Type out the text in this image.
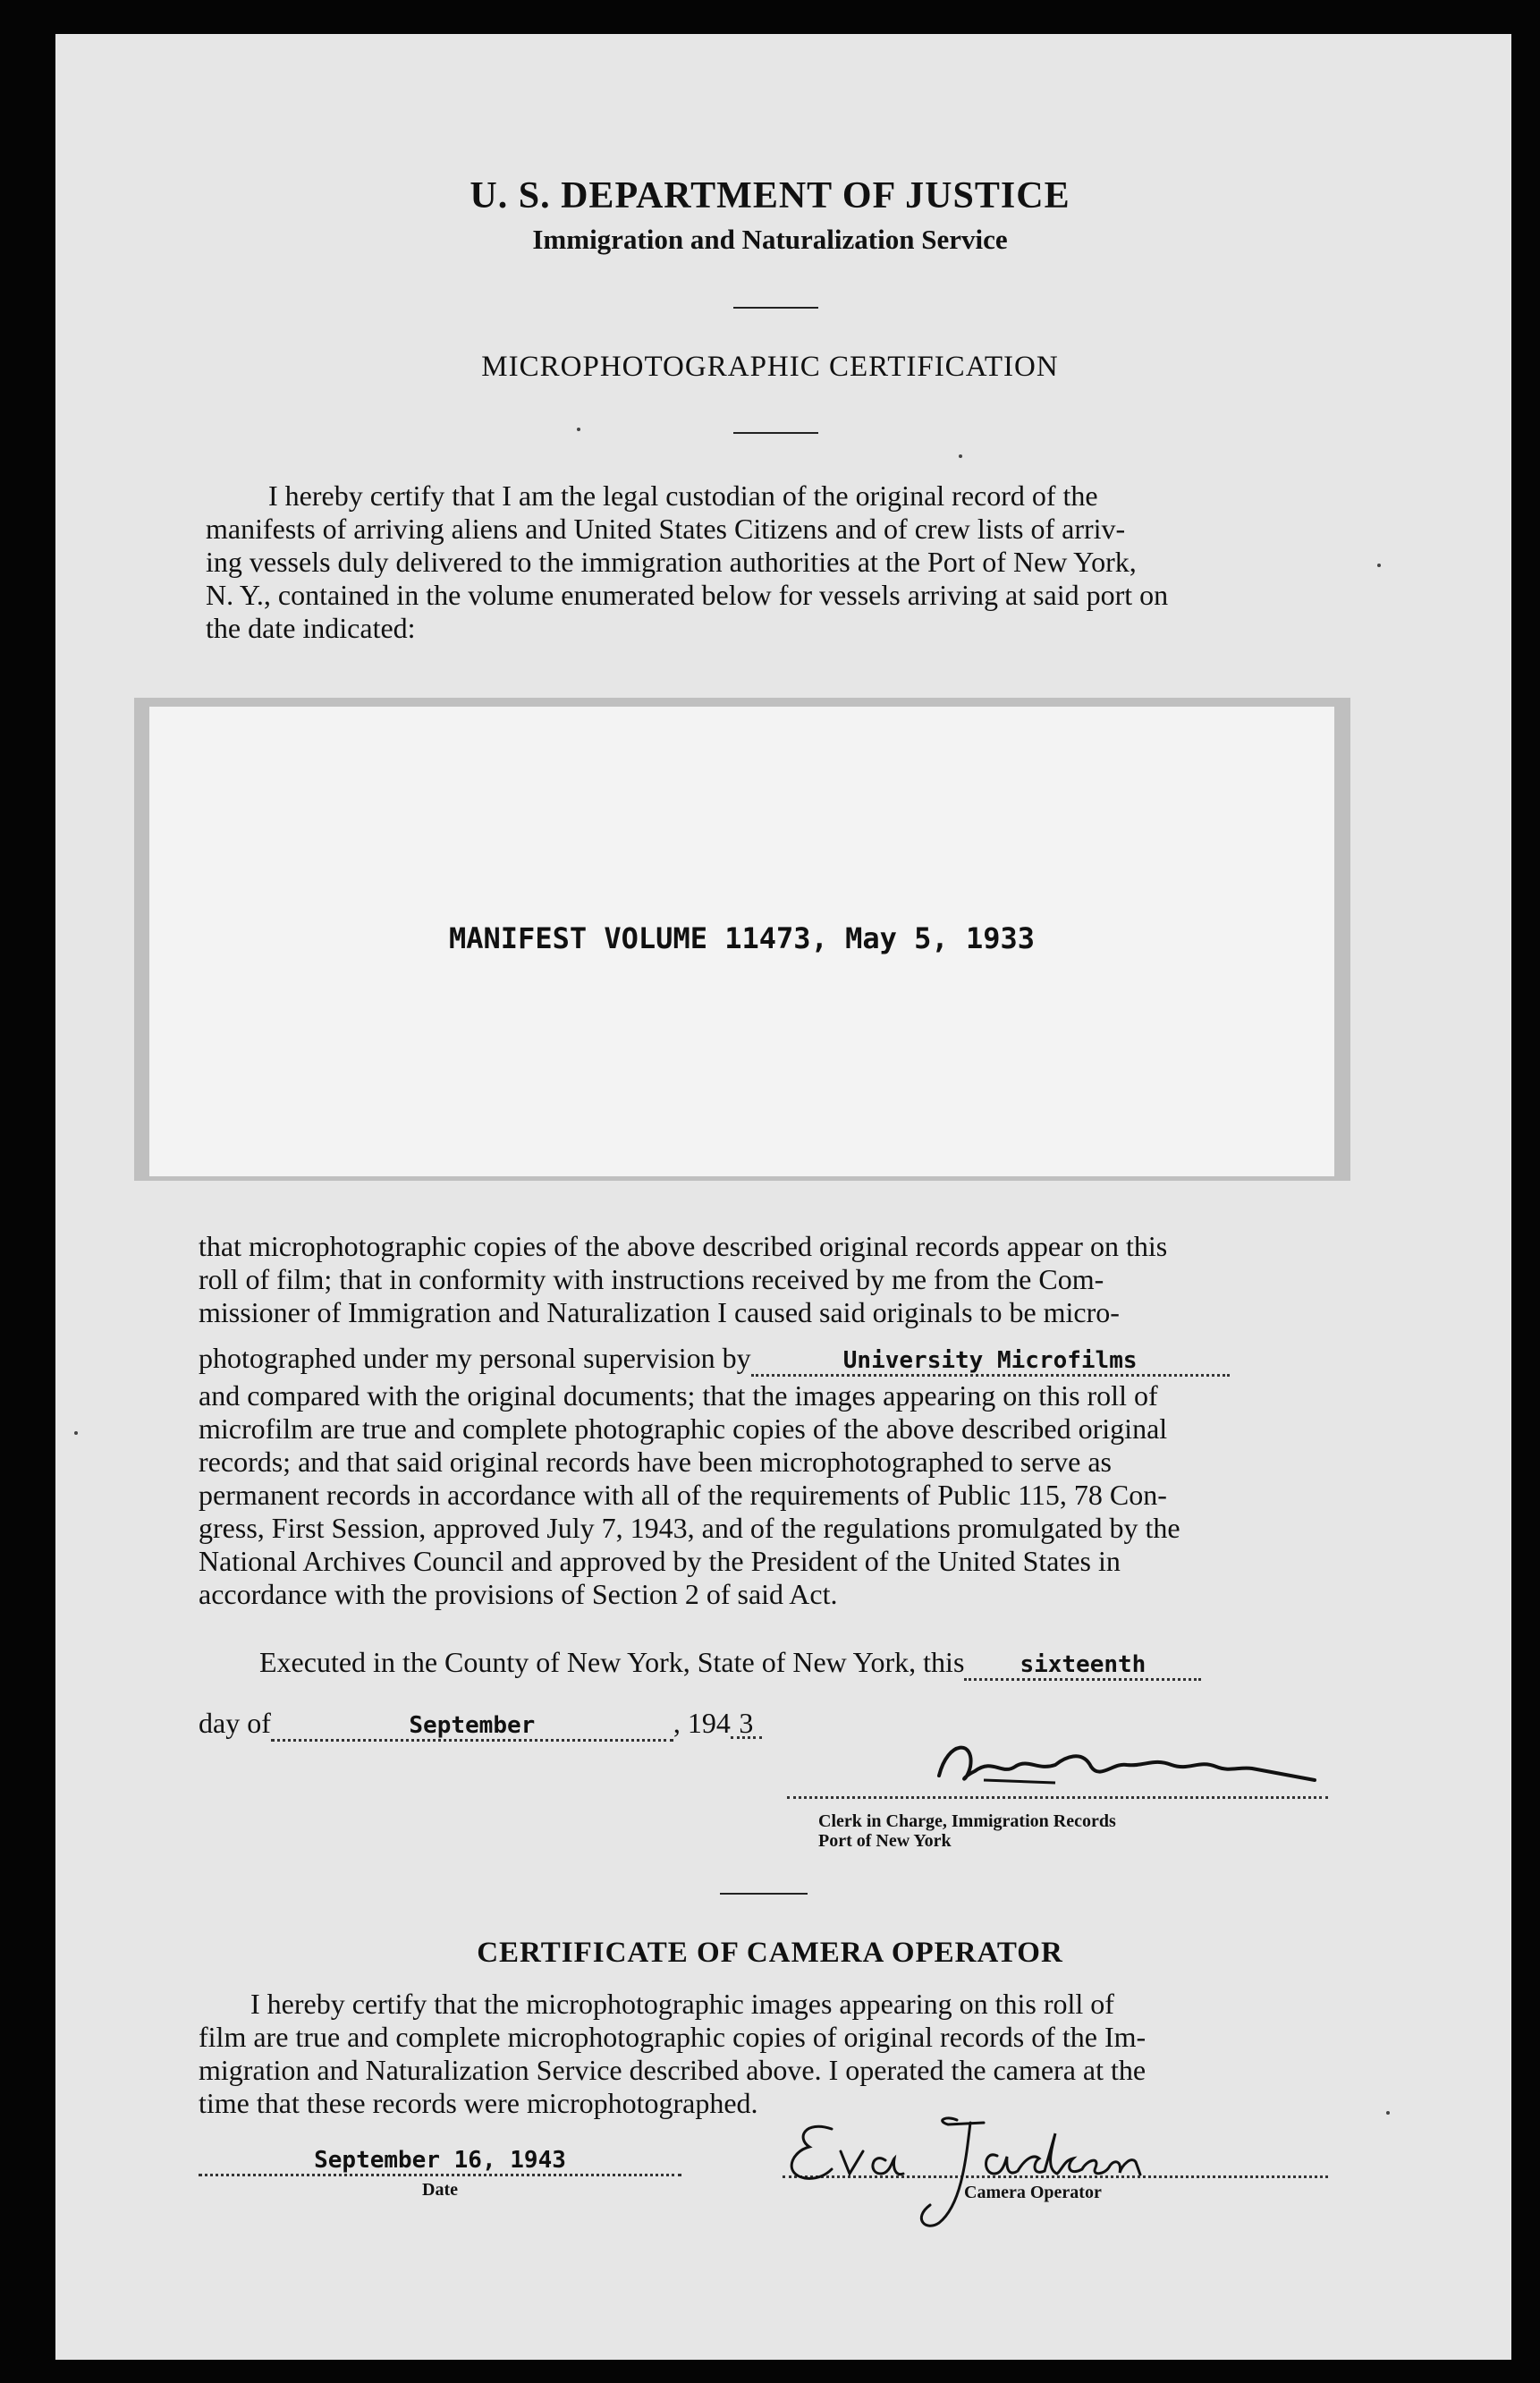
U. S. DEPARTMENT OF JUSTICE
Immigration and Naturalization Service
MICROPHOTOGRAPHIC CERTIFICATION
I hereby certify that I am the legal custodian of the original record of the
manifests of arriving aliens and United States Citizens and of crew lists of arriv-
ing vessels duly delivered to the immigration authorities at the Port of New York,
N. Y., contained in the volume enumerated below for vessels arriving at said port on
the date indicated:
MANIFEST VOLUME 11473, May 5, 1933
that microphotographic copies of the above described original records appear on this
roll of film; that in conformity with instructions received by me from the Com-
missioner of Immigration and Naturalization I caused said originals to be micro-
photographed under my personal supervision by	University Microfilms
and compared with the original documents; that the images appearing on this roll of
microfilm are true and complete photographic copies of the above described original
records; and that said original records have been microphotographed to serve as
permanent records in accordance with all of the requirements of Public 115, 78 Con-
gress, First Session, approved July 7, 1943, and of the regulations promulgated by the
National Archives Council and approved by the President of the United States in
accordance with the provisions of Section 2 of said Act.
Executed in the County of New York, State of New York, this sixteenth
day of	September	, 194 3
Clerk in Charge, Immigration Records
Port of New York
CERTIFICATE OF CAMERA OPERATOR
I hereby certify that the microphotographic images appearing on this roll of
film are true and complete microphotographic copies of original records of the Im-
migration and Naturalization Service described above. I operated the camera at the
time that these records were microphotographed.
September 16, 1943
Date	Camera Operator
